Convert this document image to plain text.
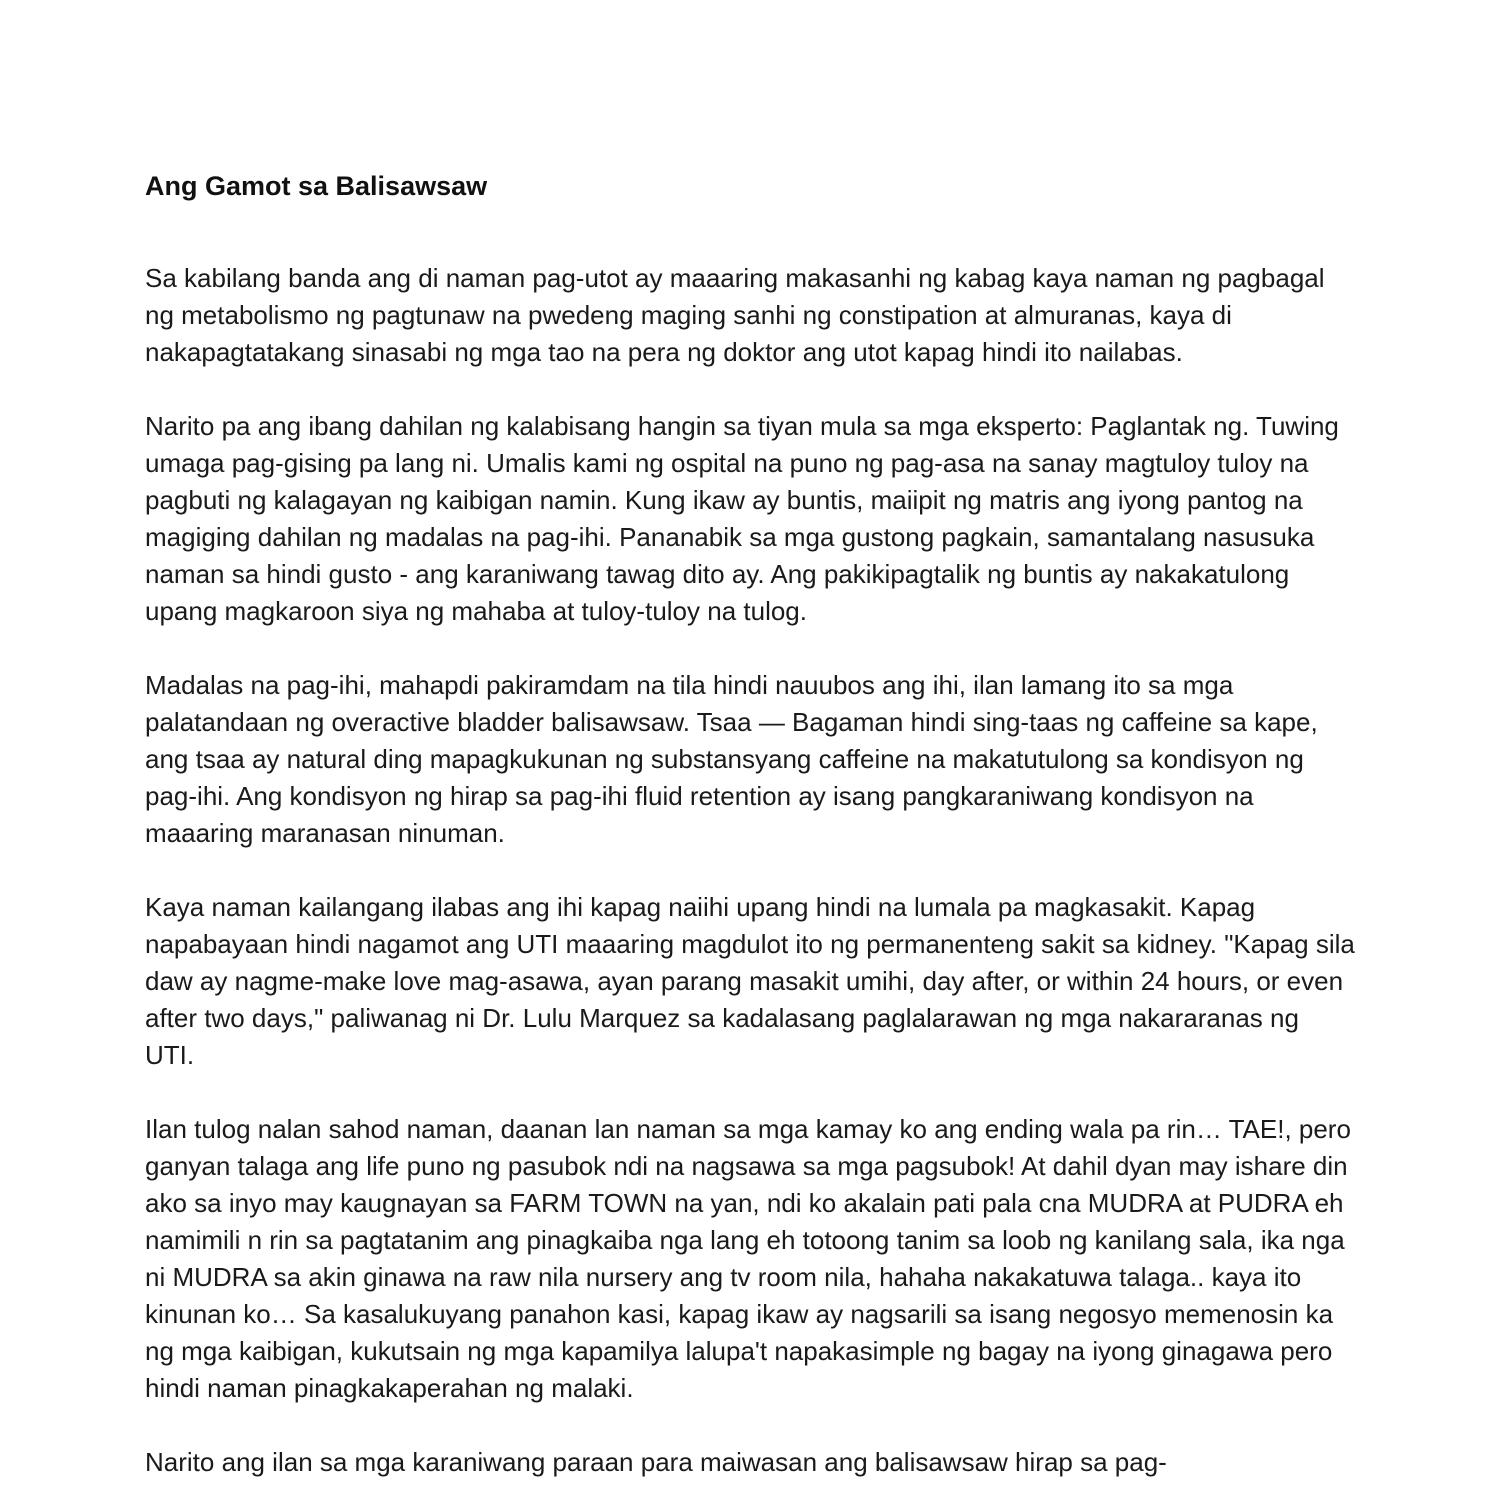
Ang Gamot sa Balisawsaw

Sa kabilang banda ang di naman pag-utot ay maaaring makasanhi ng kabag kaya naman ng pagbagal ng metabolismo ng pagtunaw na pwedeng maging sanhi ng constipation at almuranas, kaya di nakapagtatakang sinasabi ng mga tao na pera ng doktor ang utot kapag hindi ito nailabas.

Narito pa ang ibang dahilan ng kalabisang hangin sa tiyan mula sa mga eksperto: Paglantak ng. Tuwing umaga pag-gising pa lang ni. Umalis kami ng ospital na puno ng pag-asa na sanay magtuloy tuloy na pagbuti ng kalagayan ng kaibigan namin. Kung ikaw ay buntis, maiipit ng matris ang iyong pantog na magiging dahilan ng madalas na pag-ihi. Pananabik sa mga gustong pagkain, samantalang nasusuka naman sa hindi gusto - ang karaniwang tawag dito ay. Ang pakikipagtalik ng buntis ay nakakatulong upang magkaroon siya ng mahaba at tuloy-tuloy na tulog.

Madalas na pag-ihi, mahapdi pakiramdam na tila hindi nauubos ang ihi, ilan lamang ito sa mga palatandaan ng overactive bladder balisawsaw. Tsaa — Bagaman hindi sing-taas ng caffeine sa kape, ang tsaa ay natural ding mapagkukunan ng substansyang caffeine na makatutulong sa kondisyon ng pag-ihi. Ang kondisyon ng hirap sa pag-ihi fluid retention ay isang pangkaraniwang kondisyon na maaaring maranasan ninuman.

Kaya naman kailangang ilabas ang ihi kapag naiihi upang hindi na lumala pa magkasakit. Kapag napabayaan hindi nagamot ang UTI maaaring magdulot ito ng permanenteng sakit sa kidney. "Kapag sila daw ay nagme-make love mag-asawa, ayan parang masakit umihi, day after, or within 24 hours, or even after two days," paliwanag ni Dr. Lulu Marquez sa kadalasang paglalarawan ng mga nakararanas ng UTI.

Ilan tulog nalan sahod naman, daanan lan naman sa mga kamay ko ang ending wala pa rin… TAE!, pero ganyan talaga ang life puno ng pasubok ndi na nagsawa sa mga pagsubok! At dahil dyan may ishare din ako sa inyo may kaugnayan sa FARM TOWN na yan, ndi ko akalain pati pala cna MUDRA at PUDRA eh namimili n rin sa pagtatanim ang pinagkaiba nga lang eh totoong tanim sa loob ng kanilang sala, ika nga ni MUDRA sa akin ginawa na raw nila nursery ang tv room nila, hahaha nakakatuwa talaga.. kaya ito kinunan ko… Sa kasalukuyang panahon kasi, kapag ikaw ay nagsarili sa isang negosyo memenosin ka ng mga kaibigan, kukutsain ng mga kapamilya lalupa't napakasimple ng bagay na iyong ginagawa pero hindi naman pinagkakaperahan ng malaki.

Narito ang ilan sa mga karaniwang paraan para maiwasan ang balisawsaw hirap sa pag-
